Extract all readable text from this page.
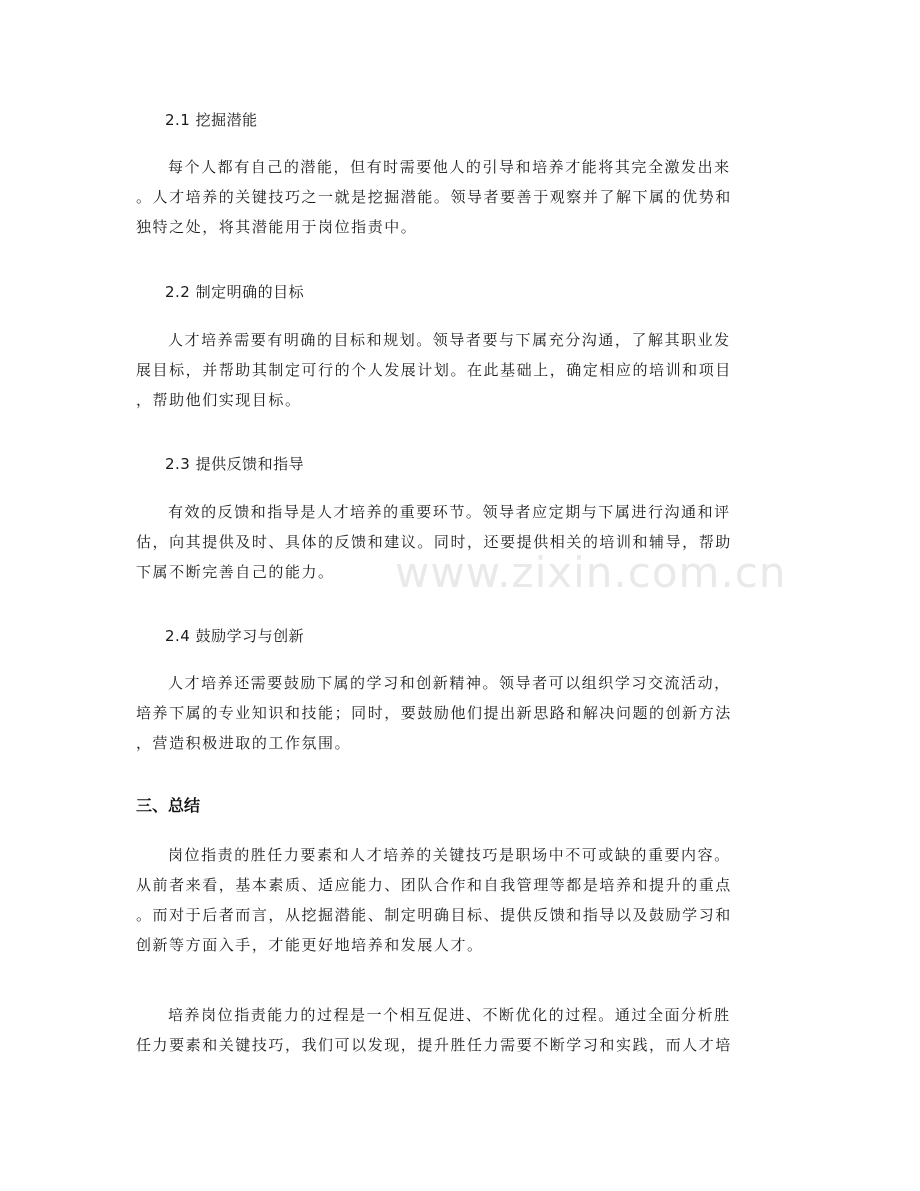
2.1 挖掘潜能
每个人都有自己的潜能，但有时需要他人的引导和培养才能将其完全激发出来
。人才培养的关键技巧之一就是挖掘潜能。领导者要善于观察并了解下属的优势和
独特之处，将其潜能用于岗位指责中。
2.2 制定明确的目标
人才培养需要有明确的目标和规划。领导者要与下属充分沟通，了解其职业发
展目标，并帮助其制定可行的个人发展计划。在此基础上，确定相应的培训和项目
，帮助他们实现目标。
2.3 提供反馈和指导
有效的反馈和指导是人才培养的重要环节。领导者应定期与下属进行沟通和评
估，向其提供及时、具体的反馈和建议。同时，还要提供相关的培训和辅导，帮助
下属不断完善自己的能力。
2.4 鼓励学习与创新
人才培养还需要鼓励下属的学习和创新精神。领导者可以组织学习交流活动，
培养下属的专业知识和技能；同时，要鼓励他们提出新思路和解决问题的创新方法
，营造积极进取的工作氛围。
三、总结
岗位指责的胜任力要素和人才培养的关键技巧是职场中不可或缺的重要内容。
从前者来看，基本素质、适应能力、团队合作和自我管理等都是培养和提升的重点
。而对于后者而言，从挖掘潜能、制定明确目标、提供反馈和指导以及鼓励学习和
创新等方面入手，才能更好地培养和发展人才。
培养岗位指责能力的过程是一个相互促进、不断优化的过程。通过全面分析胜
任力要素和关键技巧，我们可以发现，提升胜任力需要不断学习和实践，而人才培
www.zixin.com.cn
